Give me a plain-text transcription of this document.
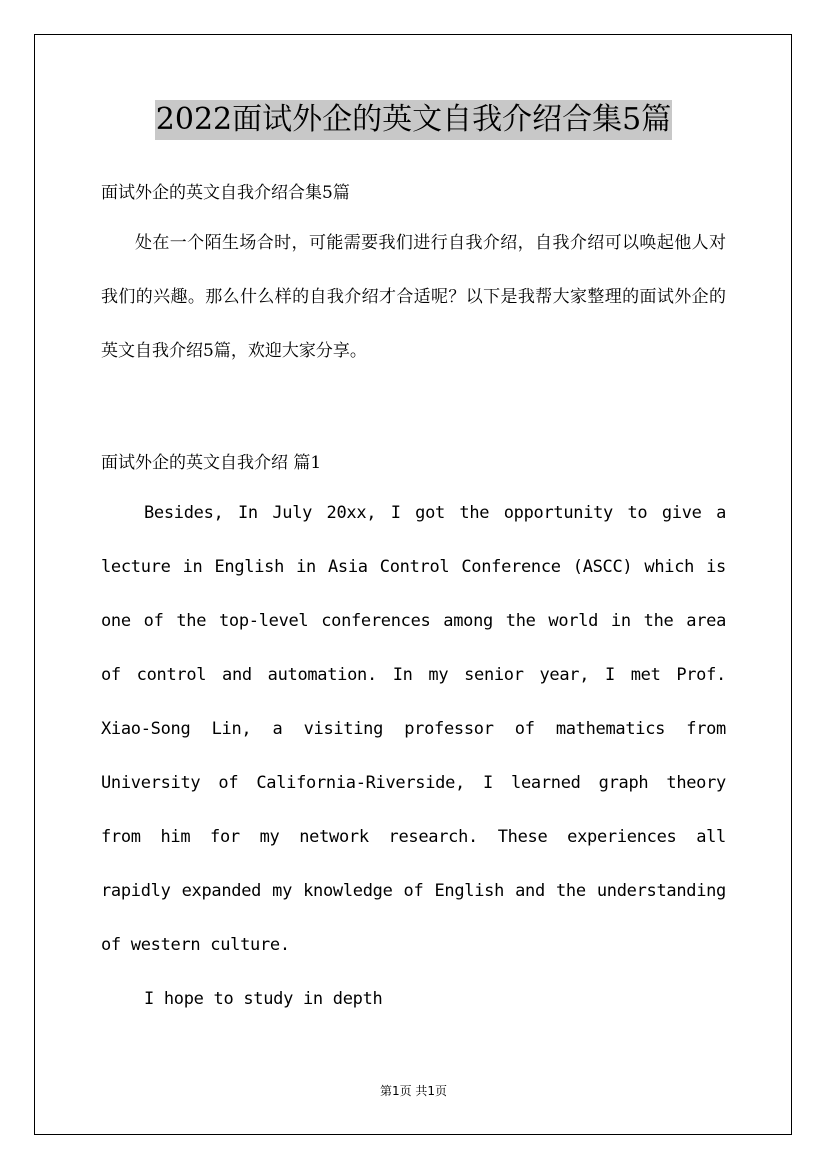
2022面试外企的英文自我介绍合集5篇

面试外企的英文自我介绍合集5篇

处在一个陌生场合时，可能需要我们进行自我介绍，自我介绍可以唤起他人对我们的兴趣。那么什么样的自我介绍才合适呢？以下是我帮大家整理的面试外企的英文自我介绍5篇，欢迎大家分享。

面试外企的英文自我介绍 篇1

Besides, In July 20xx, I got the opportunity to give a lecture in English in Asia Control Conference (ASCC) which is one of the top-level conferences among the world in the area of control and automation. In my senior year, I met Prof. Xiao-Song Lin, a visiting professor of mathematics from University of California-Riverside, I learned graph theory from him for my network research. These experiences all rapidly expanded my knowledge of English and the understanding of western culture.

I hope to study in depth

第1页 共1页
